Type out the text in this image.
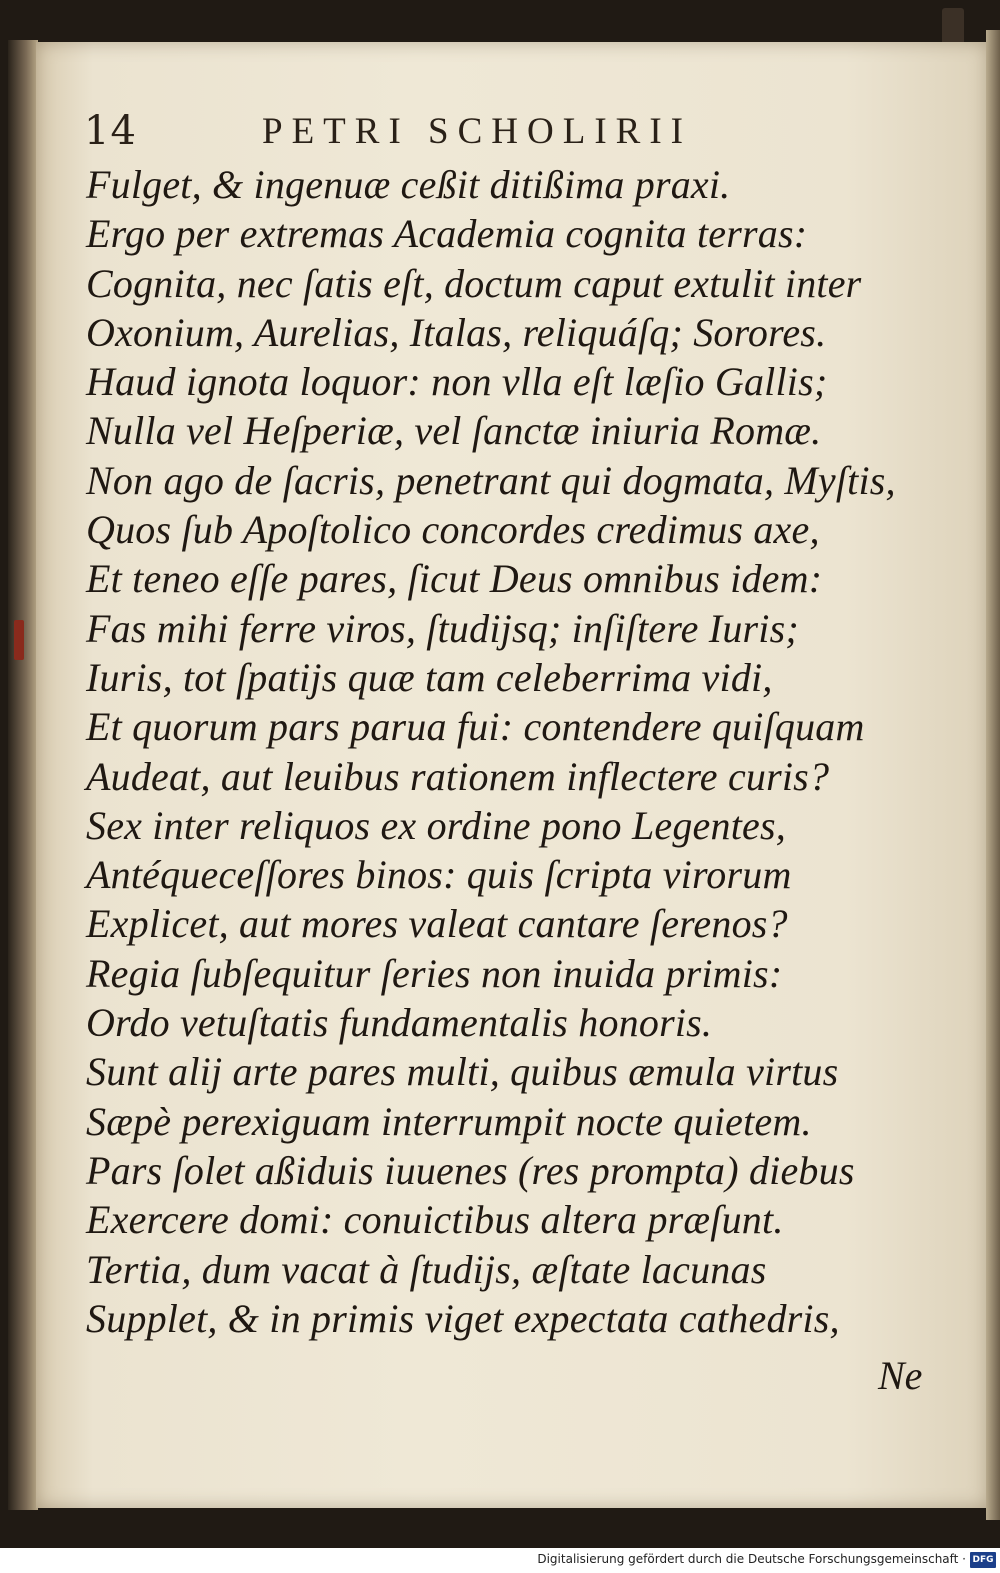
14	PETRI SCHOLIRII
Fulget, & ingenuæ ceßit ditißima praxi.
Ergo per extremas Academia cognita terras:
Cognita, nec ſatis eſt, doctum caput extulit inter
Oxonium, Aurelias, Italas, reliquáſq; Sorores.
Haud ignota loquor: non vlla eſt læſio Gallis;
Nulla vel Heſperiæ, vel ſanctæ iniuria Romæ.
Non ago de ſacris, penetrant qui dogmata, Myſtis,
Quos ſub Apoſtolico concordes credimus axe,
Et teneo eſſe pares, ſicut Deus omnibus idem:
Fas mihi ferre viros, ſtudijsq; inſiſtere Iuris;
Iuris, tot ſpatijs quæ tam celeberrima vidi,
Et quorum pars parua fui: contendere quiſquam
Audeat, aut leuibus rationem inflectere curis?
Sex inter reliquos ex ordine pono Legentes,
Antéqueceſſores binos: quis ſcripta virorum
Explicet, aut mores valeat cantare ſerenos?
Regia ſubſequitur ſeries non inuida primis:
Ordo vetuſtatis fundamentalis honoris.
Sunt alij arte pares multi, quibus æmula virtus
Sæpè perexiguam interrumpit nocte quietem.
Pars ſolet aßiduis iuuenes (res prompta) diebus
Exercere domi: conuictibus altera præſunt.
Tertia, dum vacat à ſtudijs, æſtate lacunas
Supplet, & in primis viget expectata cathedris,
Ne
Digitalisierung gefördert durch die Deutsche Forschungsgemeinschaft · DFG
